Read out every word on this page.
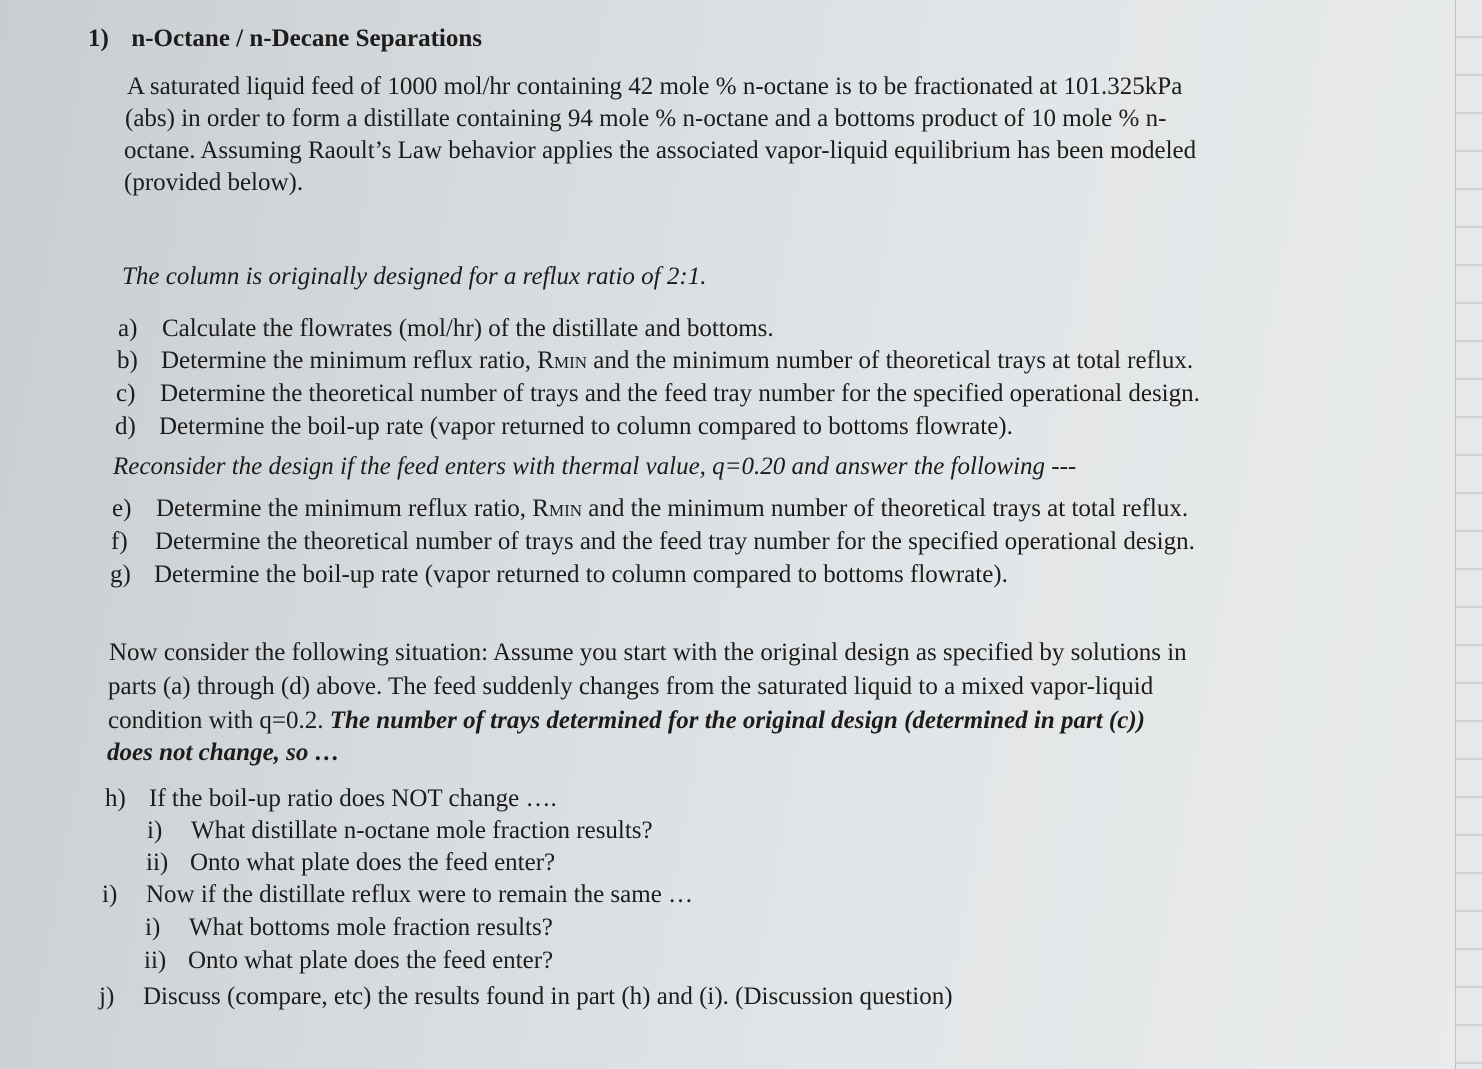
1) n-Octane / n-Decane Separations
A saturated liquid feed of 1000 mol/hr containing 42 mole % n-octane is to be fractionated at 101.325kPa
(abs) in order to form a distillate containing 94 mole % n-octane and a bottoms product of 10 mole % n-
octane. Assuming Raoult’s Law behavior applies the associated vapor-liquid equilibrium has been modeled
(provided below).
The column is originally designed for a reflux ratio of 2:1.
a) Calculate the flowrates (mol/hr) of the distillate and bottoms.
b) Determine the minimum reflux ratio, RMIN and the minimum number of theoretical trays at total reflux.
c) Determine the theoretical number of trays and the feed tray number for the specified operational design.
d) Determine the boil-up rate (vapor returned to column compared to bottoms flowrate).
Reconsider the design if the feed enters with thermal value, q=0.20 and answer the following ---
e) Determine the minimum reflux ratio, RMIN and the minimum number of theoretical trays at total reflux.
f) Determine the theoretical number of trays and the feed tray number for the specified operational design.
g) Determine the boil-up rate (vapor returned to column compared to bottoms flowrate).
Now consider the following situation: Assume you start with the original design as specified by solutions in
parts (a) through (d) above. The feed suddenly changes from the saturated liquid to a mixed vapor-liquid
condition with q=0.2. The number of trays determined for the original design (determined in part (c))
does not change, so …
h) If the boil-up ratio does NOT change ….
i) What distillate n-octane mole fraction results?
ii) Onto what plate does the feed enter?
i) Now if the distillate reflux were to remain the same …
i) What bottoms mole fraction results?
ii) Onto what plate does the feed enter?
j) Discuss (compare, etc) the results found in part (h) and (i). (Discussion question)
